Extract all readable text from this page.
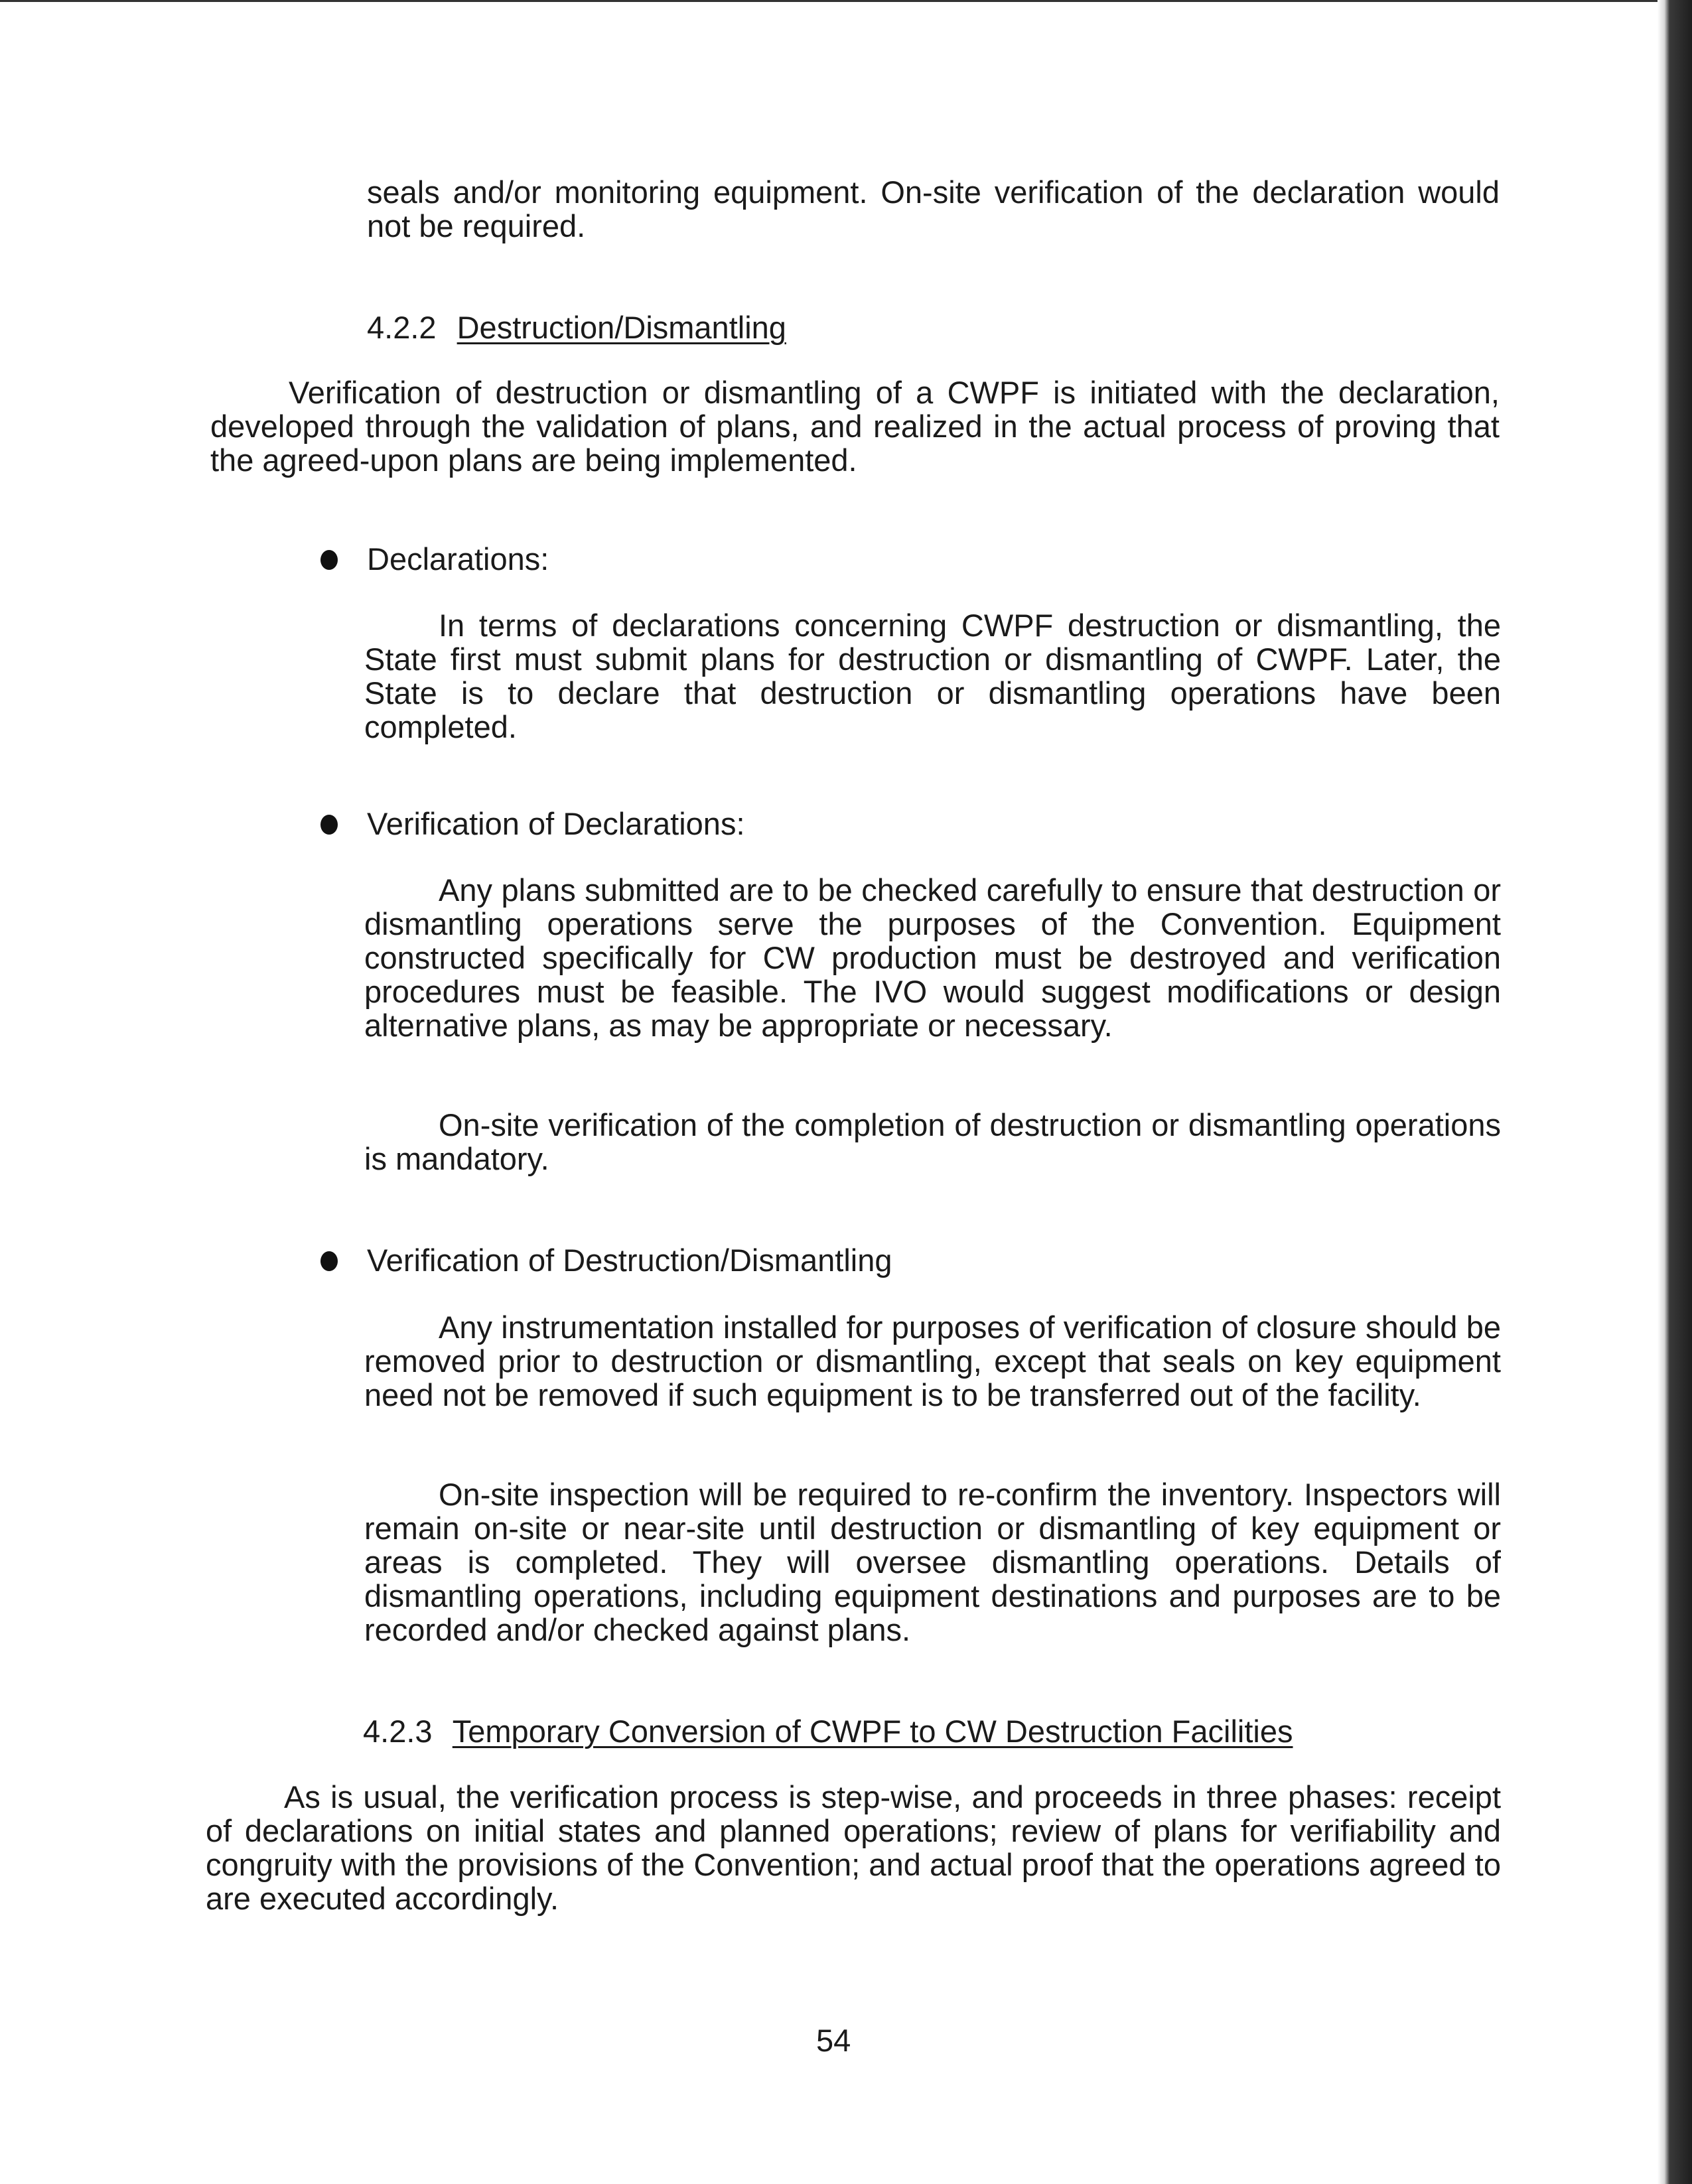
seals and/or monitoring equipment. On-site verification of the declaration would not be required.

4.2.2 Destruction/Dismantling

Verification of destruction or dismantling of a CWPF is initiated with the declaration, developed through the validation of plans, and realized in the actual process of proving that the agreed-upon plans are being implemented.

Declarations:

In terms of declarations concerning CWPF destruction or dismantling, the State first must submit plans for destruction or dismantling of CWPF. Later, the State is to declare that destruction or dismantling operations have been completed.

Verification of Declarations:

Any plans submitted are to be checked carefully to ensure that destruction or dismantling operations serve the purposes of the Convention. Equipment constructed specifically for CW production must be destroyed and verification procedures must be feasible. The IVO would suggest modifications or design alternative plans, as may be appropriate or necessary.

On-site verification of the completion of destruction or dismantling operations is mandatory.

Verification of Destruction/Dismantling

Any instrumentation installed for purposes of verification of closure should be removed prior to destruction or dismantling, except that seals on key equipment need not be removed if such equipment is to be transferred out of the facility.

On-site inspection will be required to re-confirm the inventory. Inspectors will remain on-site or near-site until destruction or dismantling of key equipment or areas is completed. They will oversee dismantling operations. Details of dismantling operations, including equipment destinations and purposes are to be recorded and/or checked against plans.

4.2.3 Temporary Conversion of CWPF to CW Destruction Facilities

As is usual, the verification process is step-wise, and proceeds in three phases: receipt of declarations on initial states and planned operations; review of plans for verifiability and congruity with the provisions of the Convention; and actual proof that the operations agreed to are executed accordingly.

54
